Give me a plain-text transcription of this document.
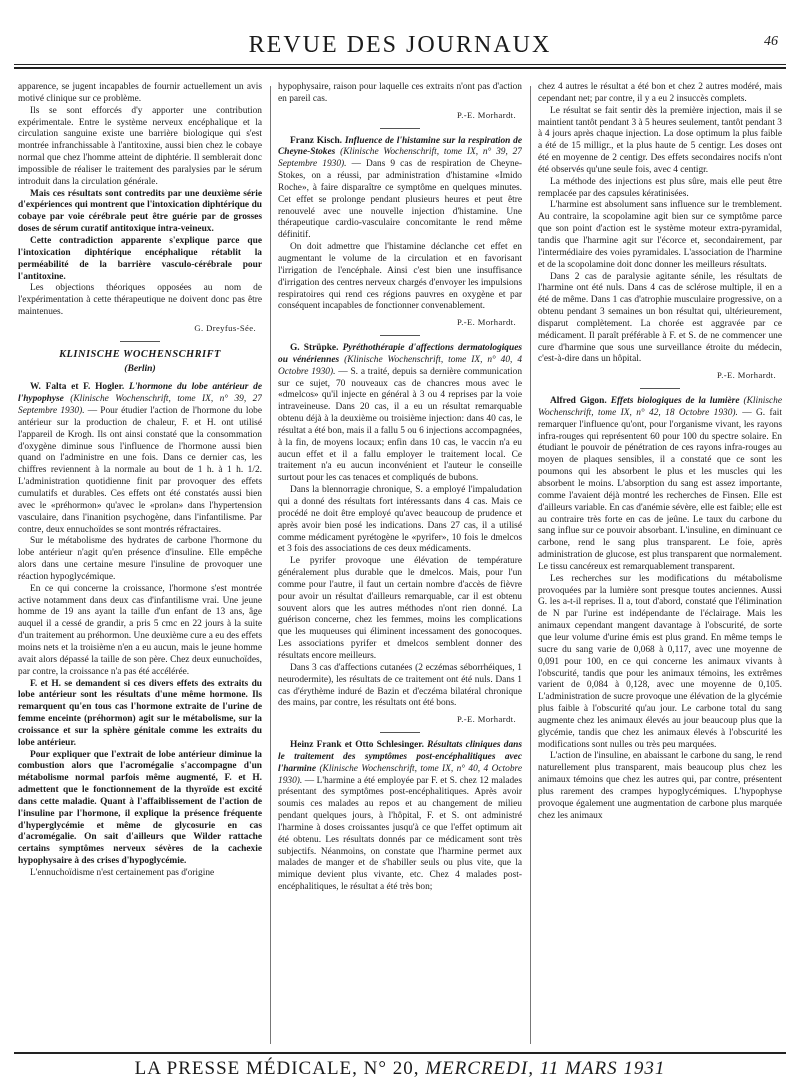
REVUE DES JOURNAUX	46

apparence, se jugent incapables de fournir actuellement un avis motivé clinique sur ce problème.

Ils se sont efforcés d'y apporter une contribution expérimentale. Entre le système nerveux encéphalique et la circulation sanguine existe une barrière biologique qui s'est montrée infranchissable à l'antitoxine, aussi bien chez le cobaye normal que chez l'homme atteint de diphtérie. Il semblerait donc impossible de réaliser le traitement des paralysies par le sérum introduit dans la circulation générale.

Mais ces résultats sont contredits par une deuxième série d'expériences qui montrent que l'intoxication diphtérique du cobaye par voie cérébrale peut être guérie par de grosses doses de sérum curatif antitoxique intra-veineux.

Cette contradiction apparente s'explique parce que l'intoxication diphtérique encéphalique rétablit la perméabilité de la barrière vasculo-cérébrale pour l'antitoxine.

Les objections théoriques opposées au nom de l'expérimentation à cette thérapeutique ne doivent donc pas être maintenues.

G. Dreyfus-Sée.

KLINISCHE WOCHENSCHRIFT
(Berlin)

W. Falta et F. Hogler. L'hormone du lobe antérieur de l'hypophyse (Klinische Wochenschrift, tome IX, n° 39, 27 Septembre 1930). — Pour étudier l'action de l'hormone du lobe antérieur sur la production de chaleur, F. et H. ont utilisé l'appareil de Krogh. Ils ont ainsi constaté que la consommation d'oxygène diminue sous l'influence de l'hormone aussi bien quand on l'administre en une fois. Dans ce dernier cas, les chiffres reviennent à la normale au bout de 1 h. à 1 h. 1/2. L'administration quotidienne finit par provoquer des effets cumulatifs et durables. Ces effets ont été constatés aussi bien avec le «préhormon» qu'avec le «prolan» dans l'hypertension vasculaire, dans l'inanition psychogène, dans l'infantilisme. Par contre, deux ennuchoïdes se sont montrés réfractaires.

Sur le métabolisme des hydrates de carbone l'hormone du lobe antérieur n'agit qu'en présence d'insuline. Elle empêche alors dans une certaine mesure l'insuline de provoquer une réaction hypoglycémique.

En ce qui concerne la croissance, l'hormone s'est montrée active notamment dans deux cas d'infantilisme vrai. Une jeune homme de 19 ans ayant la taille d'un enfant de 13 ans, âge auquel il a cessé de grandir, a pris 5 cmc en 22 jours à la suite d'un traitement au préhormon. Une deuxième cure a eu des effets moins nets et la troisième n'en a eu aucun, mais le jeune homme avait alors dépassé la taille de son père. Chez deux eunuchoïdes, par contre, la croissance n'a pas été accélérée.

F. et H. se demandent si ces divers effets des extraits du lobe antérieur sont les résultats d'une même hormone. Ils remarquent qu'en tous cas l'hormone extraite de l'urine de femme enceinte (préhormon) agit sur le métabolisme, sur la croissance et sur la sphère génitale comme les extraits du lobe antérieur.

Pour expliquer que l'extrait de lobe antérieur diminue la combustion alors que l'acromégalie s'accompagne d'un métabolisme normal parfois même augmenté, F. et H. admettent que le fonctionnement de la thyroïde est excité dans cette maladie. Quant à l'affaiblissement de l'action de l'insuline par l'hormone, il explique la présence fréquente d'hyperglycémie et même de glycosurie en cas d'acromégalie. On sait d'ailleurs que Wilder rattache certains symptômes nerveux sévères de la cachexie hypophysaire à des crises d'hypoglycémie.

L'ennuchoïdisme n'est certainement pas d'origine

hypophysaire, raison pour laquelle ces extraits n'ont pas d'action en pareil cas.

P.-E. Morhardt.

Franz Kisch. Influence de l'histamine sur la respiration de Cheyne-Stokes (Klinische Wochenschrift, tome IX, n° 39, 27 Septembre 1930). — Dans 9 cas de respiration de Cheyne-Stokes, on a réussi, par administration d'histamine «Imido Roche», à faire disparaître ce symptôme en quelques minutes. Cet effet se prolonge pendant plusieurs heures et peut être renouvelé avec une nouvelle injection d'histamine. Une thérapeutique cardio-vasculaire concomitante le rend même définitif.

On doit admettre que l'histamine déclanche cet effet en augmentant le volume de la circulation et en favorisant l'irrigation de l'encéphale. Ainsi c'est bien une insuffisance d'irrigation des centres nerveux chargés d'envoyer les impulsions respiratoires qui rend ces régions pauvres en oxygène et par conséquent incapables de fonctionner convenablement.

P.-E. Morhardt.

G. Strüpke. Pyréthothérapie d'affections dermatologiques ou vénériennes (Klinische Wochenschrift, tome IX, n° 40, 4 Octobre 1930). — S. a traité, depuis sa dernière communication sur ce sujet, 70 nouveaux cas de chancres mous avec le «dmelcos» qu'il injecte en général à 3 ou 4 reprises par la voie intraveineuse. Dans 20 cas, il a eu un résultat remarquable obtenu déjà à la deuxième ou troisième injection: dans 40 cas, le résultat a été bon, mais il a fallu 5 ou 6 injections accompagnées, à la fin, de moyens locaux; enfin dans 10 cas, le vaccin n'a eu aucun effet et il a fallu employer le traitement local. Ce traitement n'a eu aucun inconvénient et l'auteur le conseille surtout pour les cas tenaces et compliqués de bubons.

Dans la blennorragie chronique, S. a employé l'impaludation qui a donné des résultats fort intéressants dans 4 cas. Mais ce procédé ne doit être employé qu'avec beaucoup de prudence et après avoir bien posé les indications. Dans 27 cas, il a utilisé comme médicament pyrétogène le «pyrifer», 10 fois le dmelcos et 3 fois des associations de ces deux médicaments.

Le pyrifer provoque une élévation de température généralement plus durable que le dmelcos. Mais, pour l'un comme pour l'autre, il faut un certain nombre d'accès de fièvre pour avoir un résultat d'ailleurs remarquable, car il est obtenu souvent alors que les autres méthodes n'ont rien donné. La guérison concerne, chez les femmes, moins les complications que les muqueuses qui éliminent incessament des gonocoques. Les associations pyrifer et dmelcos semblent donner des résultats encore meilleurs.

Dans 3 cas d'affections cutanées (2 eczémas séborrhéiques, 1 neurodermite), les résultats de ce traitement ont été nuls. Dans 1 cas d'érythème induré de Bazin et d'eczéma bilatéral chronique des mains, par contre, les résultats ont été bons.

P.-E. Morhardt.

Heinz Frank et Otto Schlesinger. Résultats cliniques dans le traitement des symptômes post-encéphalitiques avec l'harmine (Klinische Wochenschrift, tome IX, n° 40, 4 Octobre 1930). — L'harmine a été employée par F. et S. chez 12 malades présentant des symptômes post-encéphalitiques. Après avoir soumis ces malades au repos et au changement de milieu pendant quelques jours, à l'hôpital, F. et S. ont administré l'harmine à doses croissantes jusqu'à ce que l'effet optimum ait été obtenu. Les résultats donnés par ce médicament sont très subjectifs. Néanmoins, on constate que l'harmine permet aux malades de manger et de s'habiller seuls ou plus vite, que la mimique devient plus vivante, etc. Chez 4 malades post-encéphalitiques, le résultat a été très bon;

chez 4 autres le résultat a été bon et chez 2 autres modéré, mais cependant net; par contre, il y a eu 2 insuccès complets.

Le résultat se fait sentir dès la première injection, mais il se maintient tantôt pendant 3 à 5 heures seulement, tantôt pendant 3 à 4 jours après chaque injection. La dose optimum la plus faible a été de 15 milligr., et la plus haute de 5 centigr. Les doses ont été en moyenne de 2 centigr. Des effets secondaires nocifs n'ont été observés qu'une seule fois, avec 4 centigr.

La méthode des injections est plus sûre, mais elle peut être remplacée par des capsules kératinisées.

L'harmine est absolument sans influence sur le tremblement. Au contraire, la scopolamine agit bien sur ce symptôme parce que son point d'action est le système moteur extra-pyramidal, tandis que l'harmine agit sur l'écorce et, secondairement, par l'intermédiaire des voies pyramidales. L'association de l'harmine et de la scopolamine doit donc donner les meilleurs résultats.

Dans 2 cas de paralysie agitante sénile, les résultats de l'harmine ont été nuls. Dans 4 cas de sclérose multiple, il en a été de même. Dans 1 cas d'atrophie musculaire progressive, on a obtenu pendant 3 semaines un bon résultat qui, ultérieurement, disparut complètement. La chorée est aggravée par ce médicament. Il paraît préférable à F. et S. de ne commencer une cure d'harmine que sous une surveillance étroite du médecin, c'est-à-dire dans un hôpital.

P.-E. Morhardt.

Alfred Gigon. Effets biologiques de la lumière (Klinische Wochenschrift, tome IX, n° 42, 18 Octobre 1930). — G. fait remarquer l'influence qu'ont, pour l'organisme vivant, les rayons infra-rouges qui représentent 60 pour 100 du spectre solaire. En étudiant le pouvoir de pénétration de ces rayons infra-rouges au moyen de plaques sensibles, il a constaté que ce sont les poumons qui les absorbent le plus et les muscles qui les absorbent le moins. L'absorption du sang est assez importante, comme l'avaient déjà montré les recherches de Finsen. Elle est d'ailleurs variable. En cas d'anémie sévère, elle est faible; elle est au contraire très forte en cas de jeûne. Le taux du carbone du sang influe sur ce pouvoir absorbant. L'insuline, en diminuant ce carbone, rend le sang plus transparent. Le foie, après administration de glucose, est plus transparent que normalement. Le tissu cancéreux est remarquablement transparent.

Les recherches sur les modifications du métabolisme provoquées par la lumière sont presque toutes anciennes. Aussi G. les a-t-il reprises. Il a, tout d'abord, constaté que l'élimination de N par l'urine est indépendante de l'éclairage. Mais les animaux cependant mangent davantage à l'obscurité, de sorte que leur volume d'urine émis est plus grand. En même temps le sucre du sang varie de 0,068 à 0,117, avec une moyenne de 0,091 pour 100, en ce qui concerne les animaux vivants à l'obscurité, tandis que pour les animaux témoins, les extrêmes varient de 0,084 à 0,128, avec une moyenne de 0,105. L'administration de sucre provoque une élévation de la glycémie plus faible à l'obscurité qu'au jour. Le carbone total du sang augmente chez les animaux élevés au jour beaucoup plus que la glycémie, tandis que chez les animaux élevés à l'obscurité les modifications sont nulles ou très peu marquées.

L'action de l'insuline, en abaissant le carbone du sang, le rend naturellement plus transparent, mais beaucoup plus chez les animaux témoins que chez les autres qui, par contre, présentent plus rarement des crampes hypoglycémiques. L'hypophyse provoque également une augmentation de carbone plus marquée chez les animaux

LA PRESSE MÉDICALE, N° 20, MERCREDI, 11 MARS 1931
